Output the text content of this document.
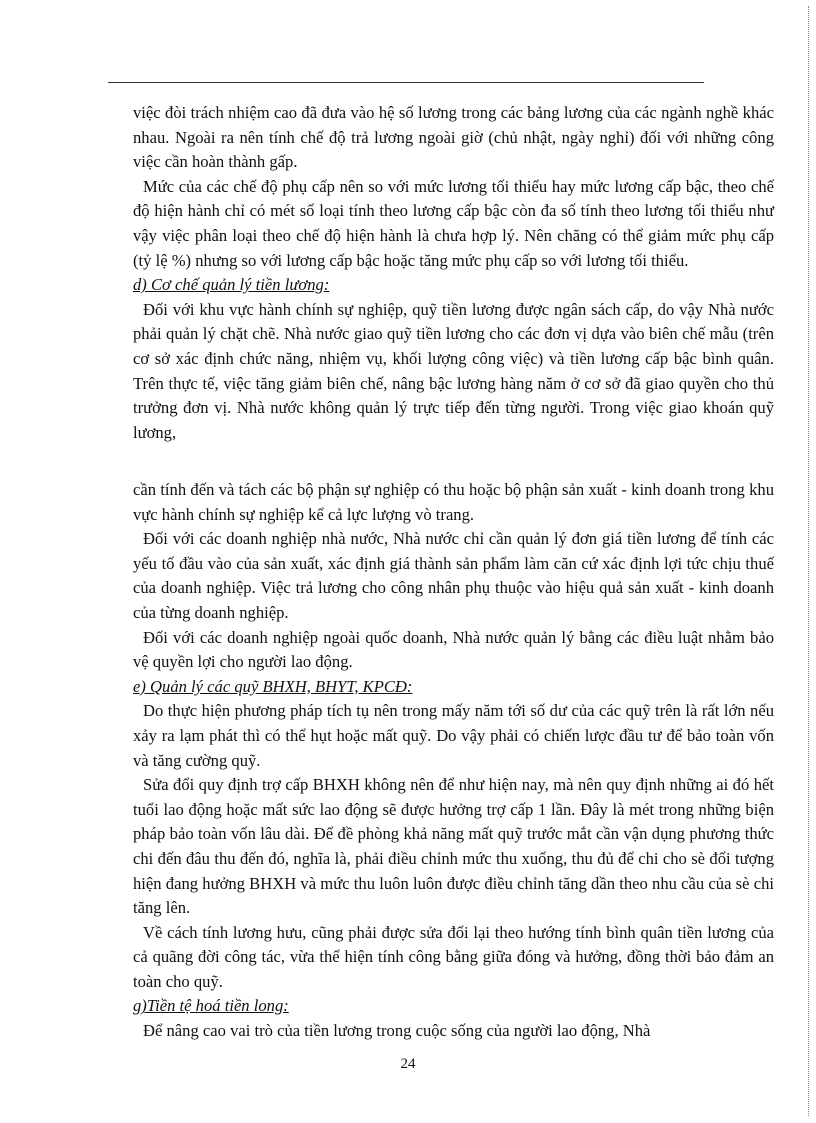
việc đòi trách nhiệm cao đã đưa vào hệ số lương trong các bảng lương của các ngành nghề khác nhau. Ngoài ra nên tính chế độ trả lương ngoài giờ (chủ nhật, ngày nghỉ) đối với những công việc cần hoàn thành gấp.

Mức của các chế độ phụ cấp nên so với mức lương tối thiểu hay mức lương cấp bậc, theo chế độ hiện hành chỉ có mét số loại tính theo lương cấp bậc còn đa số tính theo lương tối thiểu như vậy việc phân loại theo chế độ hiện hành là chưa hợp lý. Nên chăng có thể giảm mức phụ cấp (tỷ lệ %) nhưng so với lương cấp bậc hoặc tăng mức phụ cấp so với lương tối thiểu.

d) Cơ chế quản lý tiền lương:

Đối với khu vực hành chính sự nghiệp, quỹ tiền lương được ngân sách cấp, do vậy Nhà nước phải quản lý chặt chẽ. Nhà nước giao quỹ tiền lương cho các đơn vị dựa vào biên chế mẫu (trên cơ sở xác định chức năng, nhiệm vụ, khối lượng công việc) và tiền lương cấp bậc bình quân. Trên thực tế, việc tăng giảm biên chế, nâng bậc lương hàng năm ở cơ sở đã giao quyền cho thủ trưởng đơn vị. Nhà nước không quản lý trực tiếp đến từng người. Trong việc giao khoán quỹ lương,

cần tính đến và tách các bộ phận sự nghiệp có thu hoặc bộ phận sản xuất - kinh doanh trong khu vực hành chính sự nghiệp kể cả lực lượng vò trang.

Đối với các doanh nghiệp nhà nước, Nhà nước chỉ cần quản lý đơn giá tiền lương để tính các yếu tố đầu vào của sản xuất, xác định giá thành sản phẩm làm căn cứ xác định lợi tức chịu thuế của doanh nghiệp. Việc trả lương cho công nhân phụ thuộc vào hiệu quả sản xuất - kinh doanh của từng doanh nghiệp.

Đối với các doanh nghiệp ngoài quốc doanh, Nhà nước quản lý bằng các điều luật nhằm bảo vệ quyền lợi cho người lao động.

e) Quản lý các quỹ BHXH, BHYT, KPCĐ:

Do thực hiện phương pháp tích tụ nên trong mấy năm tới số dư của các quỹ trên là rất lớn nếu xảy ra lạm phát thì có thể hụt hoặc mất quỹ. Do vậy phải có chiến lược đầu tư để bảo toàn vốn và tăng cường quỹ.

Sửa đổi quy định trợ cấp BHXH không nên để như hiện nay, mà nên quy định những ai đó hết tuổi lao động hoặc mất sức lao động sẽ được hưởng trợ cấp 1 lần. Đây là mét trong những biện pháp bảo toàn vốn lâu dài. Để đề phòng khả năng mất quỹ trước mắt cần vận dụng phương thức chi đến đâu thu đến đó, nghĩa là, phải điều chỉnh mức thu xuống, thu đủ để chi cho sè đối tượng hiện đang hưởng BHXH và mức thu luôn luôn được điều chỉnh tăng dần theo nhu cầu của sè chi tăng lên.

Về cách tính lương hưu, cũng phải được sửa đổi lại theo hướng tính bình quân tiền lương của cả quãng đời công tác, vừa thể hiện tính công bằng giữa đóng và hưởng, đồng thời bảo đảm an toàn cho quỹ.

g)Tiền tệ hoá tiền long:

Để nâng cao vai trò của tiền lương trong cuộc sống của người lao động, Nhà

24
